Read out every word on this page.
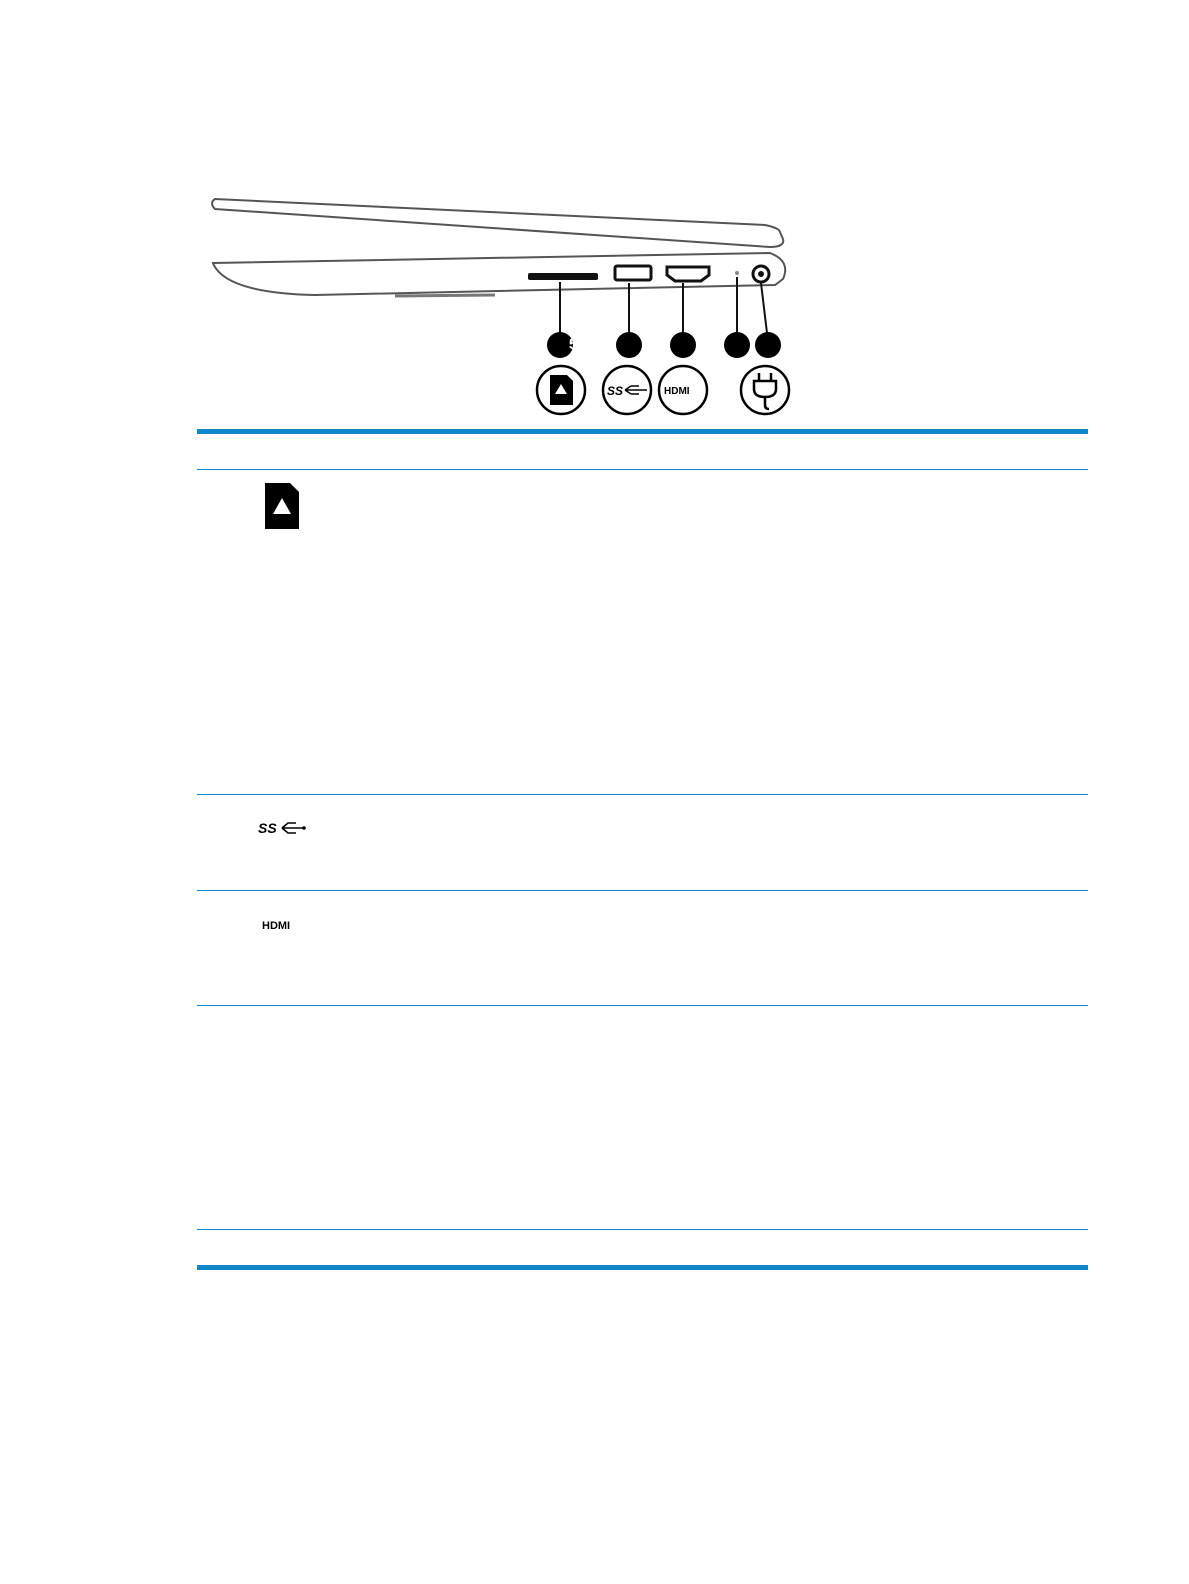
SS	HDMI
1	2	3	4	5
SS
HDMI
